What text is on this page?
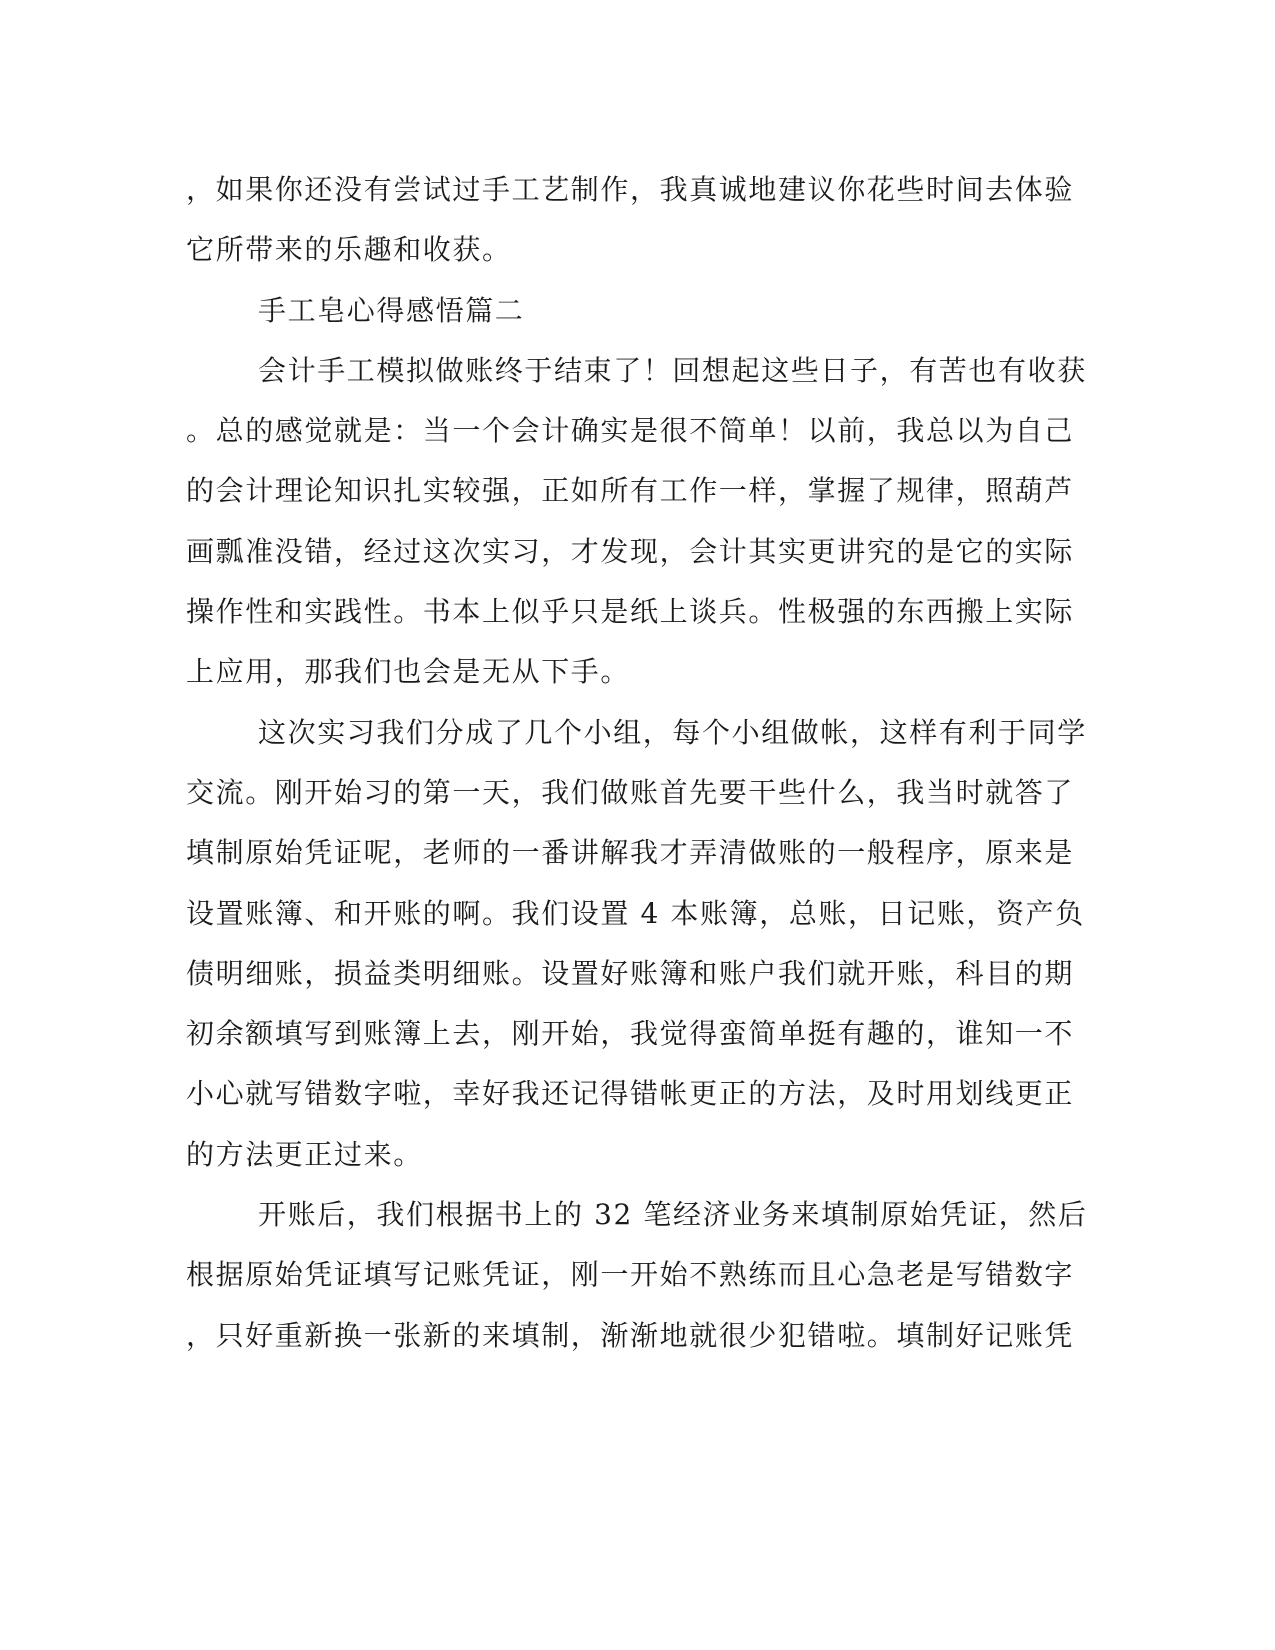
，如果你还没有尝试过手工艺制作，我真诚地建议你花些时间去体验
它所带来的乐趣和收获。
手工皂心得感悟篇二
会计手工模拟做账终于结束了！回想起这些日子，有苦也有收获
。总的感觉就是：当一个会计确实是很不简单！以前，我总以为自己
的会计理论知识扎实较强，正如所有工作一样，掌握了规律，照葫芦
画瓢准没错，经过这次实习，才发现，会计其实更讲究的是它的实际
操作性和实践性。书本上似乎只是纸上谈兵。性极强的东西搬上实际
上应用，那我们也会是无从下手。
这次实习我们分成了几个小组，每个小组做帐，这样有利于同学
交流。刚开始习的第一天，我们做账首先要干些什么，我当时就答了
填制原始凭证呢，老师的一番讲解我才弄清做账的一般程序，原来是
设置账簿、和开账的啊。我们设置 4 本账簿，总账，日记账，资产负
债明细账，损益类明细账。设置好账簿和账户我们就开账，科目的期
初余额填写到账簿上去，刚开始，我觉得蛮简单挺有趣的，谁知一不
小心就写错数字啦，幸好我还记得错帐更正的方法，及时用划线更正
的方法更正过来。
开账后，我们根据书上的 32 笔经济业务来填制原始凭证，然后
根据原始凭证填写记账凭证，刚一开始不熟练而且心急老是写错数字
，只好重新换一张新的来填制，渐渐地就很少犯错啦。填制好记账凭
